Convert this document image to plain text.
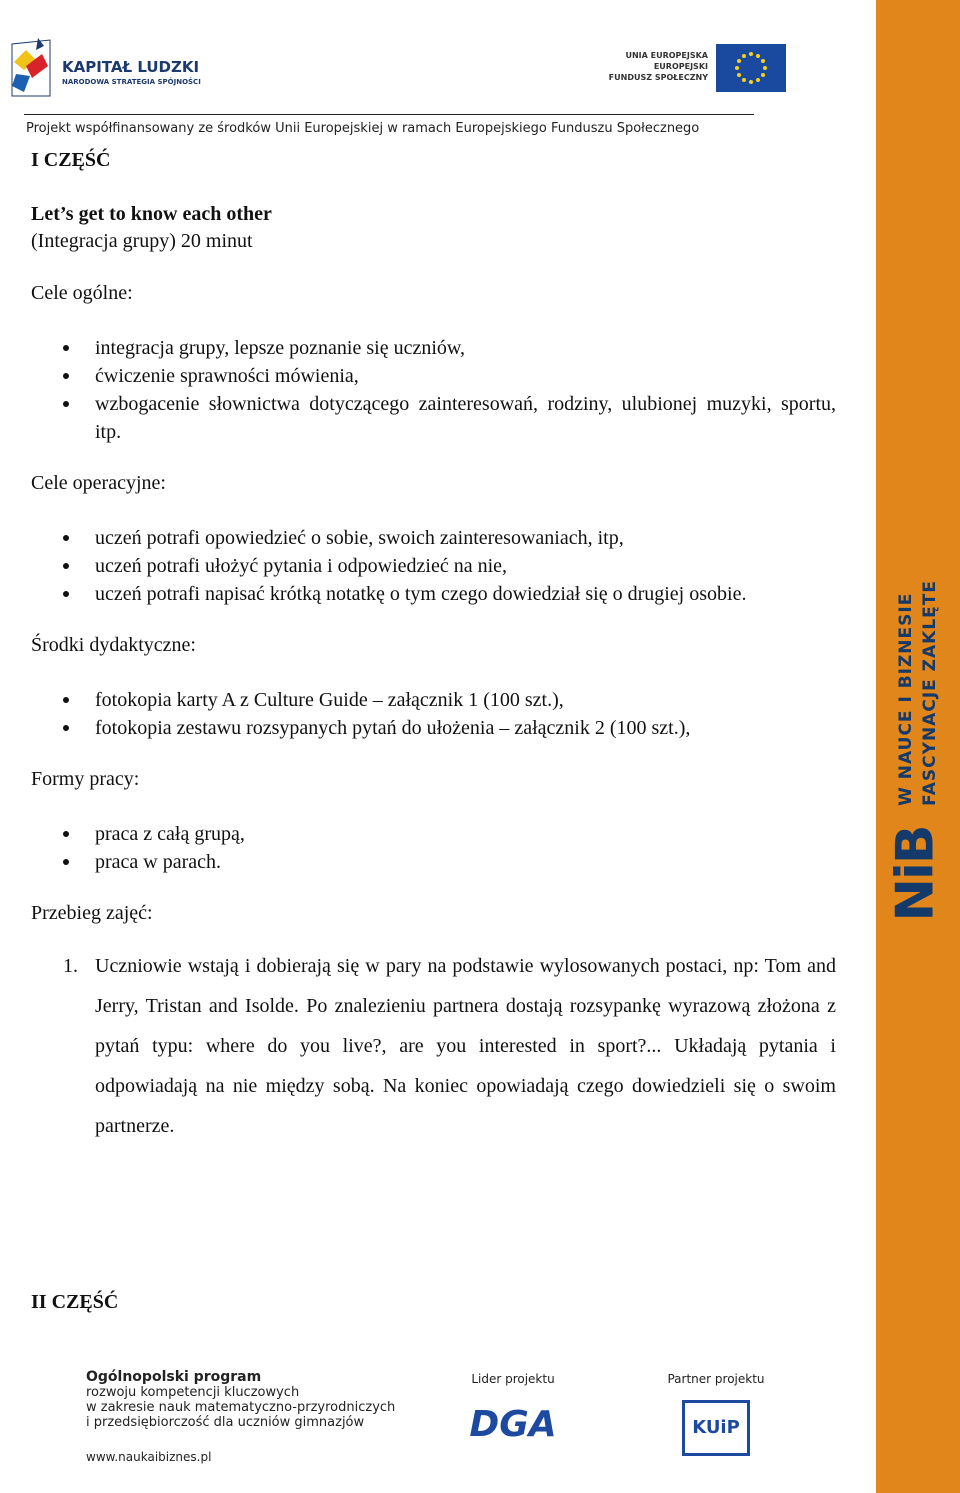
KAPITAŁ LUDZKI
NARODOWA STRATEGIA SPÓJNOŚCI
UNIA EUROPEJSKA
EUROPEJSKI
FUNDUSZ SPOŁECZNY
Projekt współfinansowany ze środków Unii Europejskiej w ramach Europejskiego Funduszu Społecznego
FASCYNACJE ZAKLĘTE
W NAUCE I BIZNESIE
NiB

I CZĘŚĆ

Let’s get to know each other

(Integracja grupy) 20 minut

Cele ogólne:

integracja grupy, lepsze poznanie się uczniów,
ćwiczenie sprawności mówienia,
wzbogacenie słownictwa dotyczącego zainteresowań, rodziny, ulubionej muzyki, sportu, itp.

Cele operacyjne:

uczeń potrafi opowiedzieć o sobie, swoich zainteresowaniach, itp,
uczeń potrafi ułożyć pytania i odpowiedzieć na nie,
uczeń potrafi napisać krótką notatkę o tym czego dowiedział się o drugiej osobie.

Środki dydaktyczne:

fotokopia karty A z Culture Guide – załącznik 1 (100 szt.),
fotokopia zestawu rozsypanych pytań do ułożenia – załącznik 2 (100 szt.),

Formy pracy:

praca z całą grupą,
praca w parach.

Przebieg zajęć:

1. Uczniowie wstają i dobierają się w pary na podstawie wylosowanych postaci, np: Tom and Jerry, Tristan and Isolde. Po znalezieniu partnera dostają rozsypankę wyrazową złożona z pytań typu: where do you live?, are you interested in sport?... Układają pytania i odpowiadają na nie między sobą. Na koniec opowiadają czego dowiedzieli się o swoim partnerze.

II CZĘŚĆ

Ogólnopolski program
rozwoju kompetencji kluczowych
w zakresie nauk matematyczno-przyrodniczych
i przedsiębiorczość dla uczniów gimnazjów
www.naukaibiznes.pl
Lider projektu
DGA
Partner projektu
KUiP
